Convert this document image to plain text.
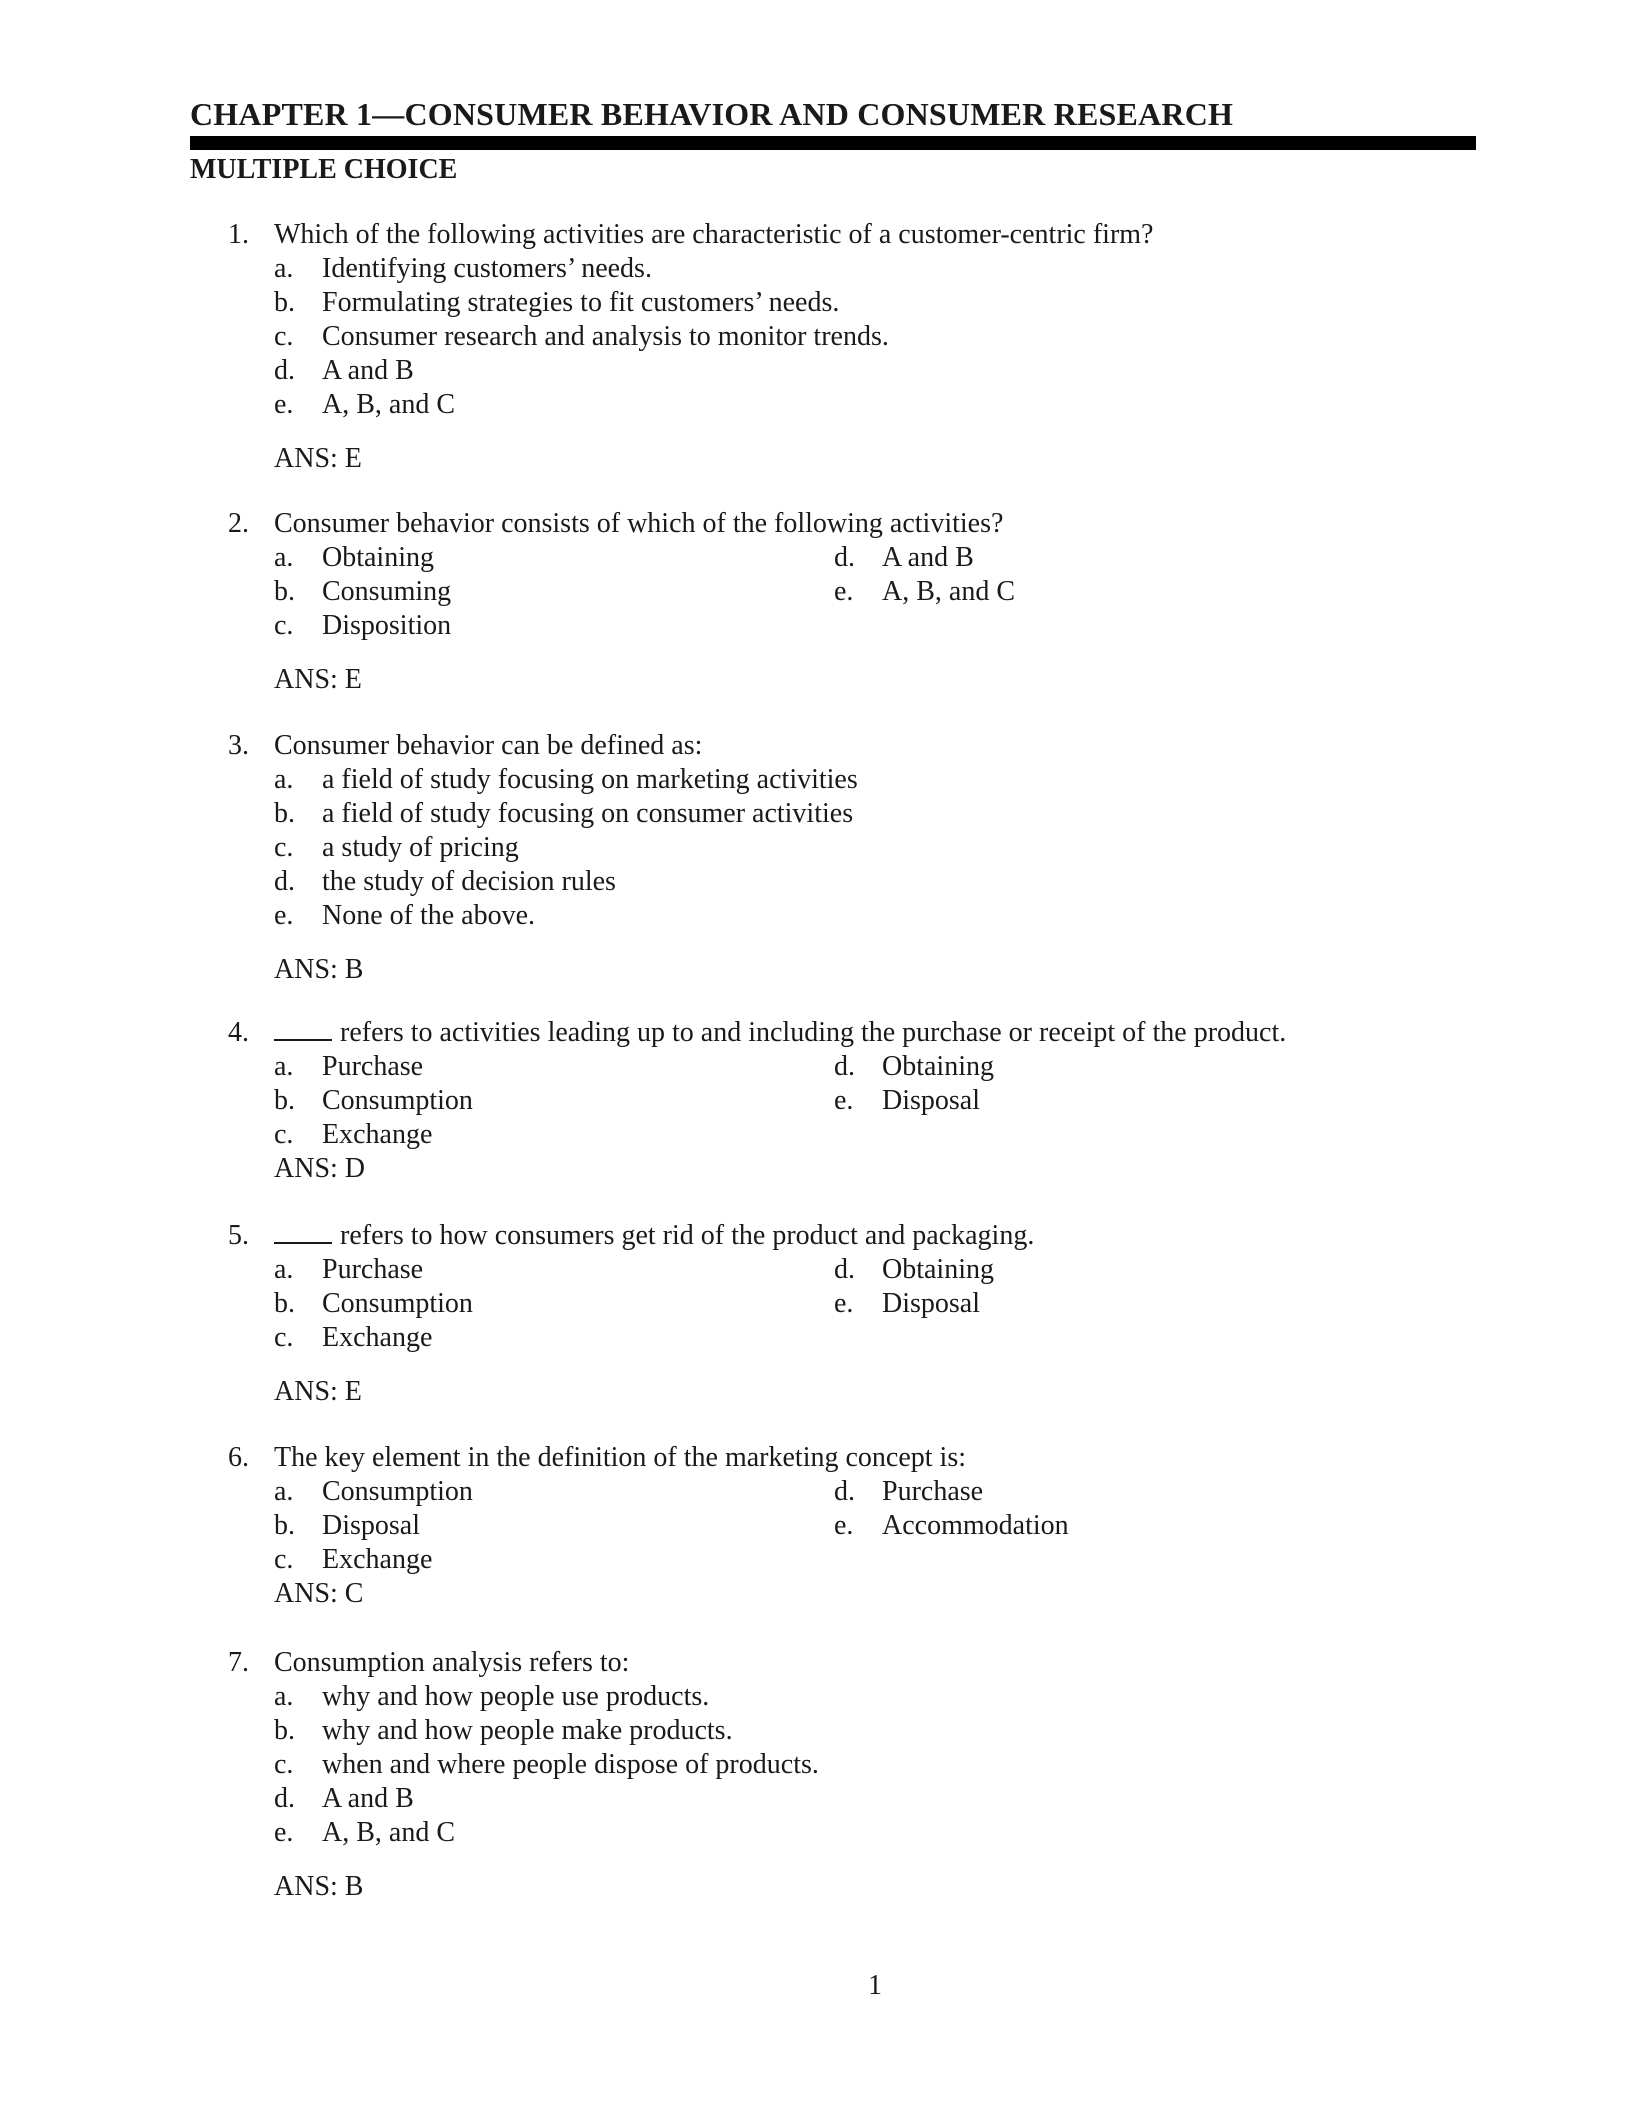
CHAPTER 1—CONSUMER BEHAVIOR AND CONSUMER RESEARCH
MULTIPLE CHOICE
1. Which of the following activities are characteristic of a customer-centric firm?
a. Identifying customers’ needs.
b. Formulating strategies to fit customers’ needs.
c. Consumer research and analysis to monitor trends.
d. A and B
e. A, B, and C
ANS: E
2. Consumer behavior consists of which of the following activities?
a. Obtaining	d. A and B
b. Consuming	e. A, B, and C
c. Disposition
ANS: E
3. Consumer behavior can be defined as:
a. a field of study focusing on marketing activities
b. a field of study focusing on consumer activities
c. a study of pricing
d. the study of decision rules
e. None of the above.
ANS: B
4.	refers to activities leading up to and including the purchase or receipt of the product.
a. Purchase	d. Obtaining
b. Consumption	e. Disposal
c. Exchange
ANS: D
5.	refers to how consumers get rid of the product and packaging.
a. Purchase	d. Obtaining
b. Consumption	e. Disposal
c. Exchange
ANS: E
6. The key element in the definition of the marketing concept is:
a. Consumption	d. Purchase
b. Disposal	e. Accommodation
c. Exchange
ANS: C
7. Consumption analysis refers to:
a. why and how people use products.
b. why and how people make products.
c. when and where people dispose of products.
d. A and B
e. A, B, and C
ANS: B
1
